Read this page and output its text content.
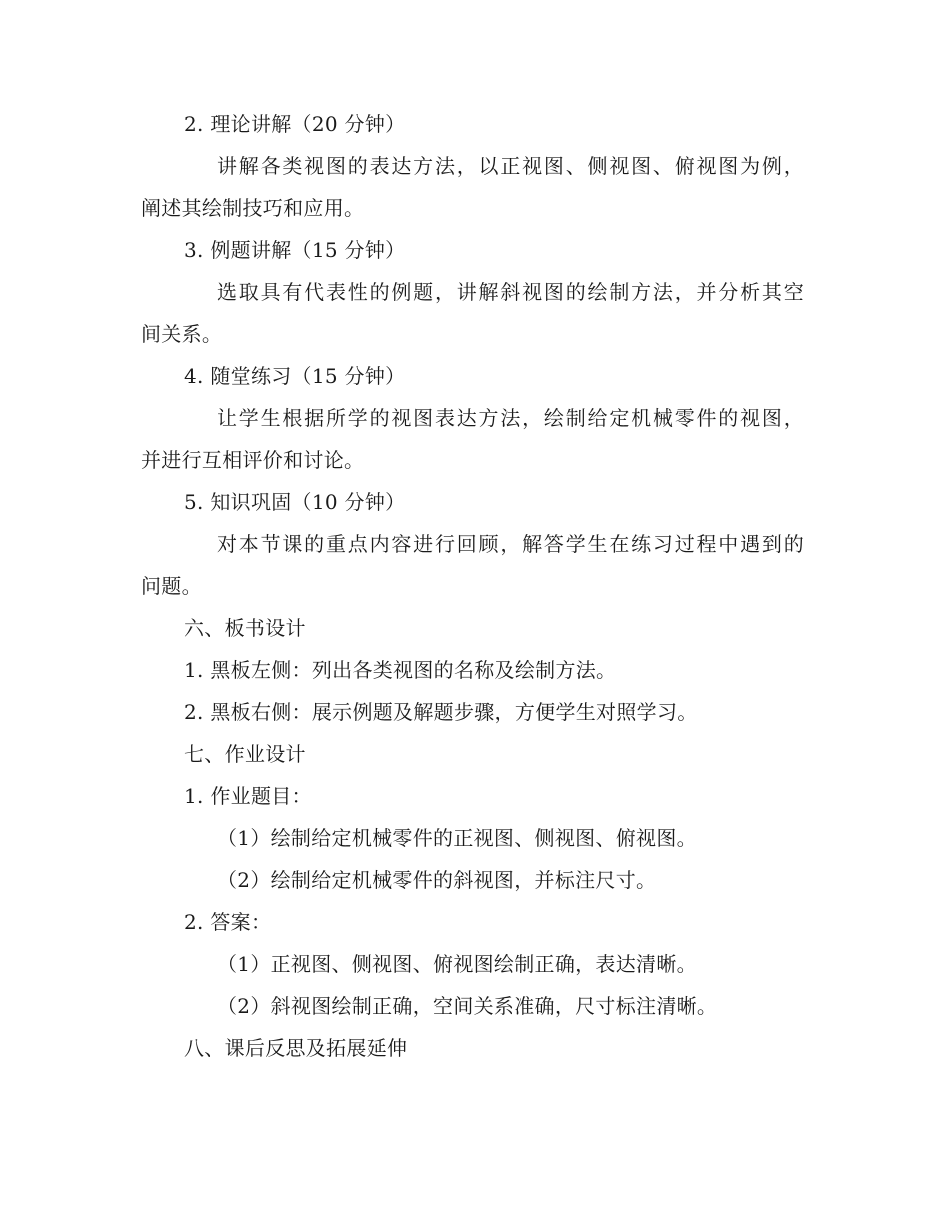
2. 理论讲解（20 分钟）
讲解各类视图的表达方法，以正视图、侧视图、俯视图为例，
阐述其绘制技巧和应用。
3. 例题讲解（15 分钟）
选取具有代表性的例题，讲解斜视图的绘制方法，并分析其空
间关系。
4. 随堂练习（15 分钟）
让学生根据所学的视图表达方法，绘制给定机械零件的视图，
并进行互相评价和讨论。
5. 知识巩固（10 分钟）
对本节课的重点内容进行回顾，解答学生在练习过程中遇到的
问题。
六、板书设计
1. 黑板左侧：列出各类视图的名称及绘制方法。
2. 黑板右侧：展示例题及解题步骤，方便学生对照学习。
七、作业设计
1. 作业题目：
（1）绘制给定机械零件的正视图、侧视图、俯视图。
（2）绘制给定机械零件的斜视图，并标注尺寸。
2. 答案：
（1）正视图、侧视图、俯视图绘制正确，表达清晰。
（2）斜视图绘制正确，空间关系准确，尺寸标注清晰。
八、课后反思及拓展延伸
